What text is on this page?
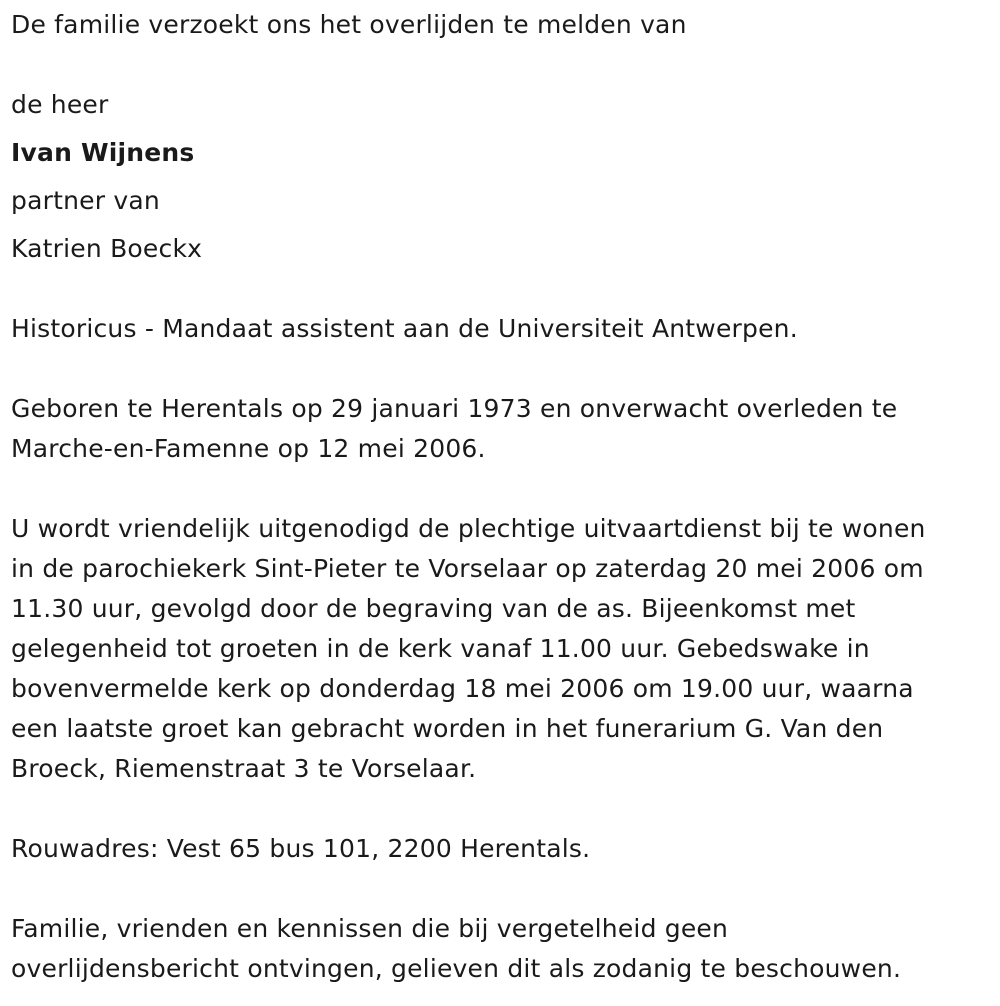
De familie verzoekt ons het overlijden te melden van
de heer
Ivan Wijnens
partner van
Katrien Boeckx
Historicus - Mandaat assistent aan de Universiteit Antwerpen.
Geboren te Herentals op 29 januari 1973 en onverwacht overleden te
Marche-en-Famenne op 12 mei 2006.
U wordt vriendelijk uitgenodigd de plechtige uitvaartdienst bij te wonen
in de parochiekerk Sint-Pieter te Vorselaar op zaterdag 20 mei 2006 om
11.30 uur, gevolgd door de begraving van de as. Bijeenkomst met
gelegenheid tot groeten in de kerk vanaf 11.00 uur. Gebedswake in
bovenvermelde kerk op donderdag 18 mei 2006 om 19.00 uur, waarna
een laatste groet kan gebracht worden in het funerarium G. Van den
Broeck, Riemenstraat 3 te Vorselaar.
Rouwadres: Vest 65 bus 101, 2200 Herentals.
Familie, vrienden en kennissen die bij vergetelheid geen
overlijdensbericht ontvingen, gelieven dit als zodanig te beschouwen.
